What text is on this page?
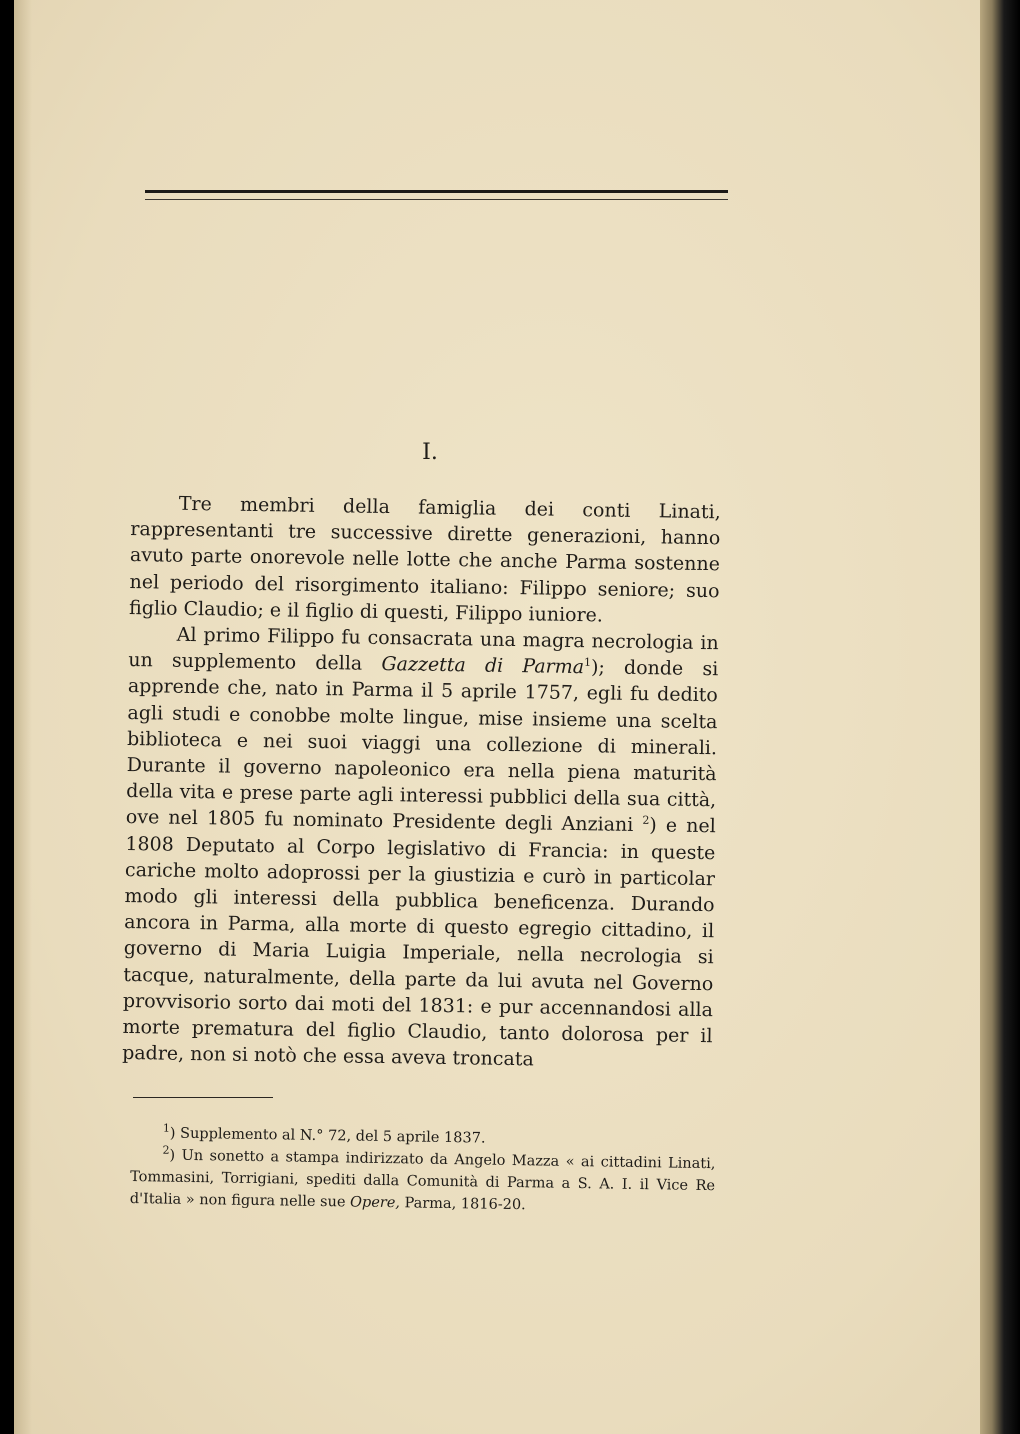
I.

Tre membri della famiglia dei conti Linati, rappresentanti tre successive dirette generazioni, hanno avuto parte onorevole nelle lotte che anche Parma sostenne nel periodo del risorgimento italiano: Filippo seniore; suo figlio Claudio; e il figlio di questi, Filippo iuniore.

Al primo Filippo fu consacrata una magra necrologia in un supplemento della Gazzetta di Parma$^1$); donde si apprende che, nato in Parma il 5 aprile 1757, egli fu dedito agli studi e conobbe molte lingue, mise insieme una scelta biblioteca e nei suoi viaggi una collezione di minerali. Durante il governo napoleonico era nella piena maturità della vita e prese parte agli interessi pubblici della sua città, ove nel 1805 fu nominato Presidente degli Anziani $^2$) e nel 1808 Deputato al Corpo legislativo di Francia: in queste cariche molto adoprossi per la giustizia e curò in particolar modo gli interessi della pubblica beneficenza. Durando ancora in Parma, alla morte di questo egregio cittadino, il governo di Maria Luigia Imperiale, nella necrologia si tacque, naturalmente, della parte da lui avuta nel Governo provvisorio sorto dai moti del 1831: e pur accennandosi alla morte prematura del figlio Claudio, tanto dolorosa per il padre, non si notò che essa aveva troncata

$^1$) Supplemento al N.° 72, del 5 aprile 1837.

$^2$) Un sonetto a stampa indirizzato da Angelo Mazza « ai cittadini Linati, Tommasini, Torrigiani, spediti dalla Comunità di Parma a S. A. I. il Vice Re d'Italia » non figura nelle sue Opere, Parma, 1816-20.
